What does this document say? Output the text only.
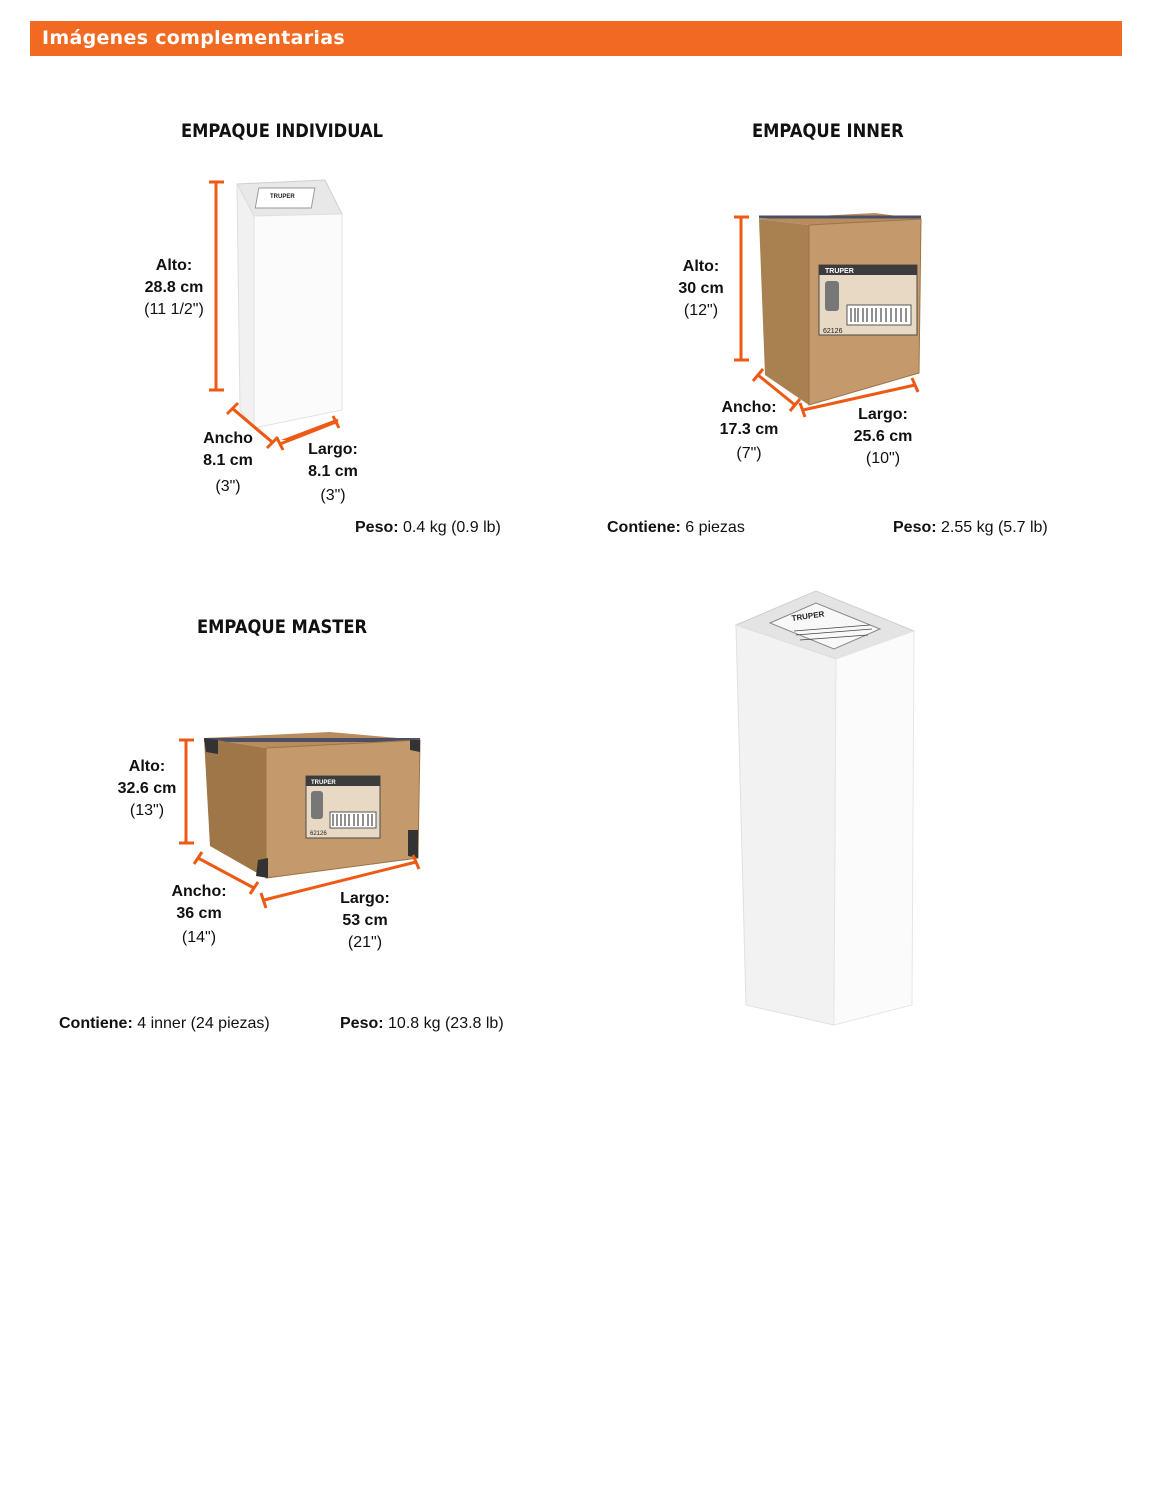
Imágenes complementarias
EMPAQUE INDIVIDUAL
TRUPER
Alto:
28.8 cm
(11 1/2")
Ancho
8.1 cm
(3")
Largo:
8.1 cm
(3")
Peso: 0.4 kg (0.9 lb)
EMPAQUE INNER
TRUPER
62126
Alto:
30 cm
(12")
Ancho:
17.3 cm
(7")
Largo:
25.6 cm
(10")
Contiene: 6 piezas	Peso: 2.55 kg (5.7 lb)
EMPAQUE MASTER
TRUPER
62126
Alto:
32.6 cm
(13")
Ancho:
36 cm
(14")
Largo:
53 cm
(21")
Contiene: 4 inner (24 piezas)	Peso: 10.8 kg (23.8 lb)
TRUPER
